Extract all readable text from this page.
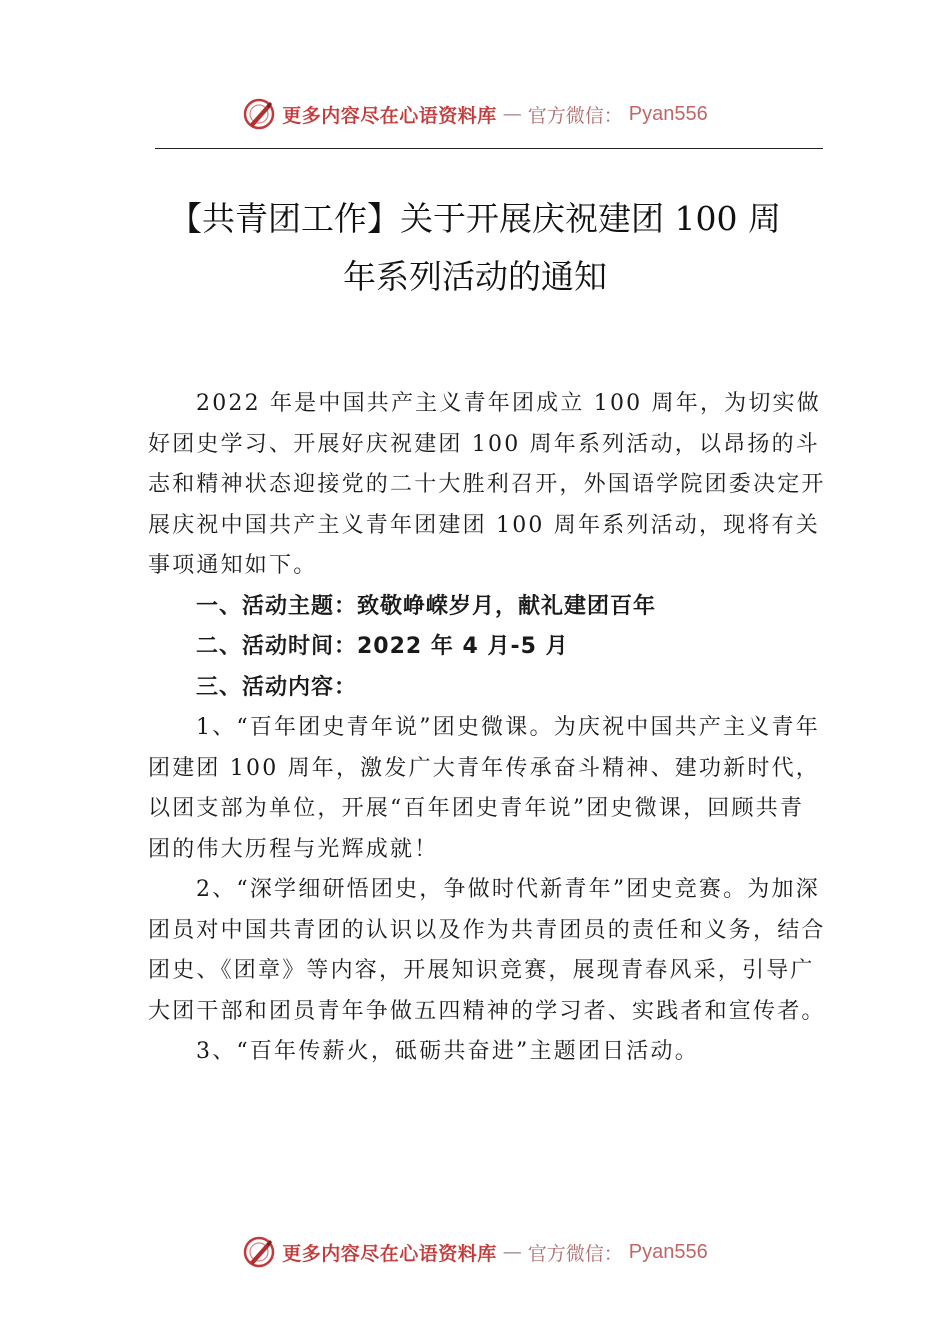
更多内容尽在心语资料库 — 官方微信： Pyan556
【共青团工作】关于开展庆祝建团 100 周
年系列活动的通知

2022 年是中国共产主义青年团成立 100 周年，为切实做好团史学习、开展好庆祝建团 100 周年系列活动，以昂扬的斗志和精神状态迎接党的二十大胜利召开，外国语学院团委决定开展庆祝中国共产主义青年团建团 100 周年系列活动，现将有关事项通知如下。

一、活动主题：致敬峥嵘岁月，献礼建团百年

二、活动时间：2022 年 4 月-5 月

三、活动内容：

1、“百年团史青年说”团史微课。为庆祝中国共产主义青年团建团 100 周年，激发广大青年传承奋斗精神、建功新时代，以团支部为单位，开展“百年团史青年说”团史微课，回顾共青团的伟大历程与光辉成就！

2、“深学细研悟团史，争做时代新青年”团史竞赛。为加深团员对中国共青团的认识以及作为共青团员的责任和义务，结合团史、《团章》等内容，开展知识竞赛，展现青春风采，引导广大团干部和团员青年争做五四精神的学习者、实践者和宣传者。

3、“百年传薪火，砥砺共奋进”主题团日活动。

更多内容尽在心语资料库 — 官方微信： Pyan556
